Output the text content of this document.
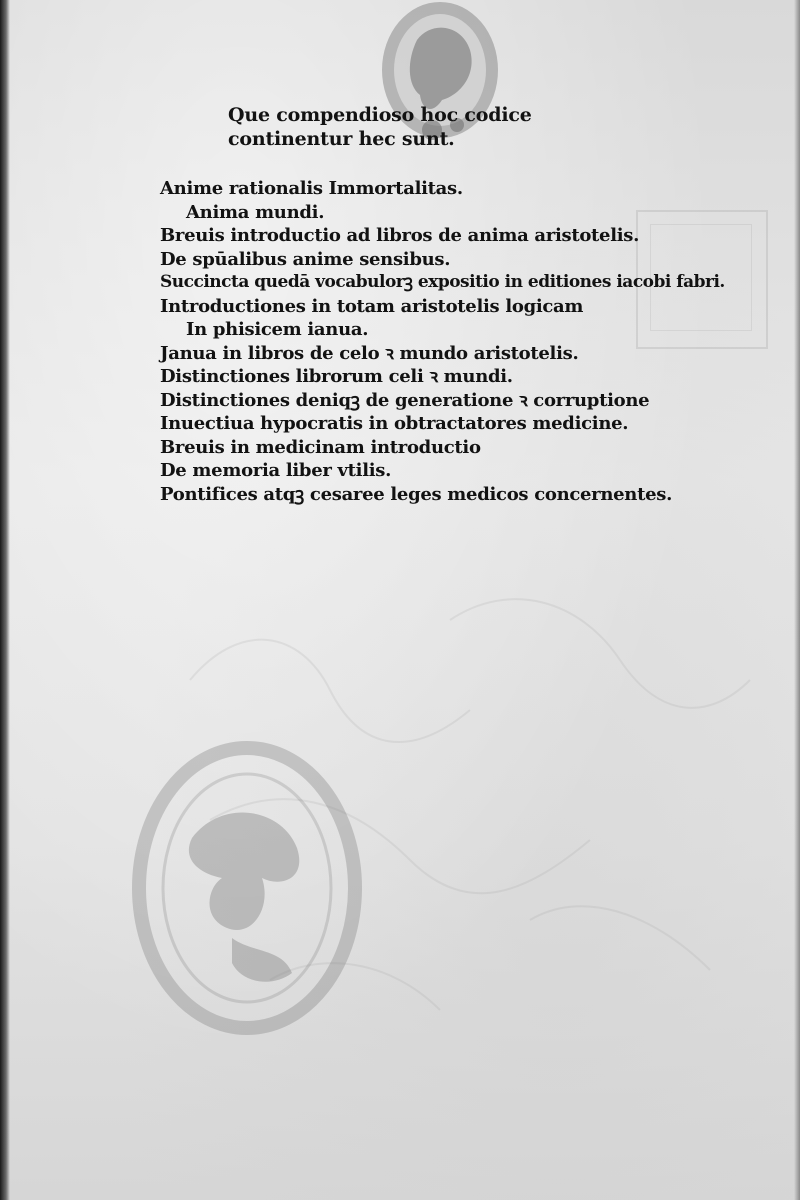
Que compendioso hoc codice
continentur hec sunt.
Anime rationalis Immortalitas.
Anima mundi.
Breuis introductio ad libros de anima aristotelis.
De spūalibus anime sensibus.
Succincta quedā vocabulorꝫ expositio in editiones iacobi fabri.
Introductiones in totam aristotelis logicam
In phisicem ianua.
Janua in libros de celo ꝛ mundo aristotelis.
Distinctiones librorum celi ꝛ mundi.
Distinctiones deniqꝫ de generatione ꝛ corruptione
Inuectiua hypocratis in obtractatores medicine.
Breuis in medicinam introductio
De memoria liber vtilis.
Pontifices atqꝫ cesaree leges medicos concernentes.
